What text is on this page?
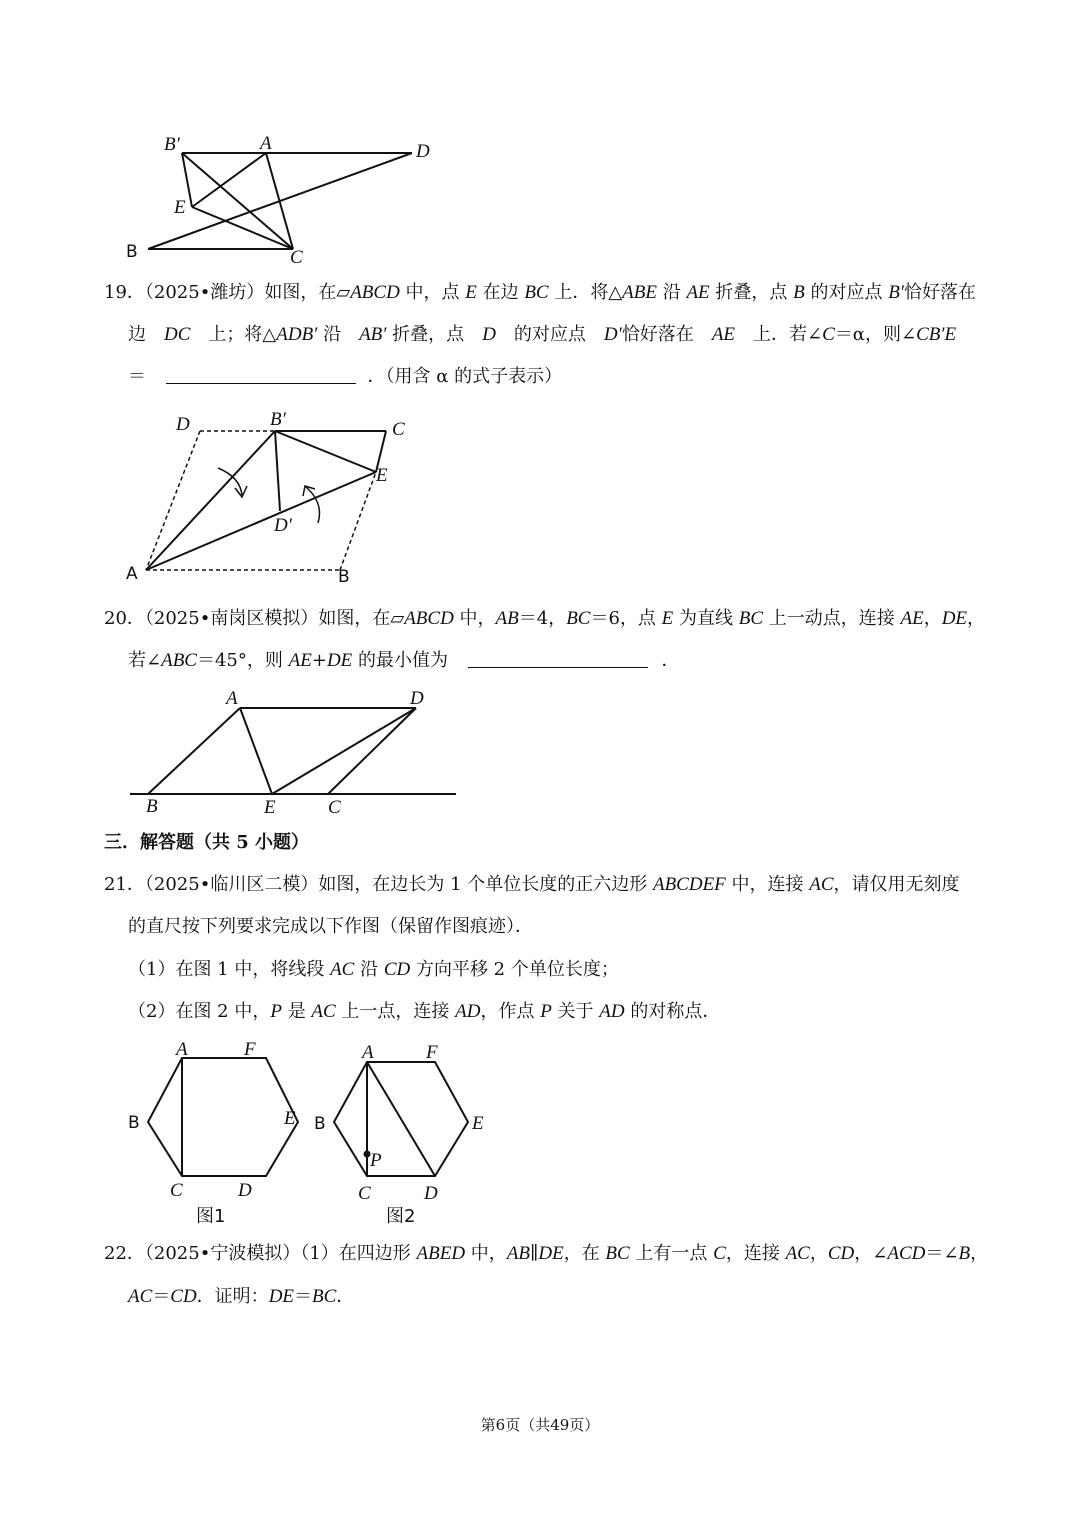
B′	A	D
E
B	C
19．（2025•潍坊）如图，在▱ABCD 中，点 E 在边 BC 上．将△ABE 沿 AE 折叠，点 B 的对应点 B′恰好落在
边　DC　上；将△ADB′ 沿　AB′ 折叠，点　D　的对应点　D′恰好落在　AE　上．若∠C＝α，则∠CB′E
＝	．（用含 α 的式子表示）
D	B′	C
E
D′
A	B
20．（2025•南岗区模拟）如图，在▱ABCD 中，AB＝4，BC＝6，点 E 为直线 BC 上一动点，连接 AE，DE，
若∠ABC＝45°，则 AE+DE 的最小值为	．
A	D
B	E	C
三．解答题（共 5 小题）
21．（2025•临川区二模）如图，在边长为 1 个单位长度的正六边形 ABCDEF 中，连接 AC，请仅用无刻度
的直尺按下列要求完成以下作图（保留作图痕迹）．
（1）在图 1 中，将线段 AC 沿 CD 方向平移 2 个单位长度；
（2）在图 2 中，P 是 AC 上一点，连接 AD，作点 P 关于 AD 的对称点．
A	F
B	E
C	D
图1
A	F
B	E
P
C	D
图2
22．（2025•宁波模拟）（1）在四边形 ABED 中，AB∥DE，在 BC 上有一点 C，连接 AC，CD，∠ACD＝∠B，
AC＝CD．证明：DE＝BC．
第6页（共49页）
